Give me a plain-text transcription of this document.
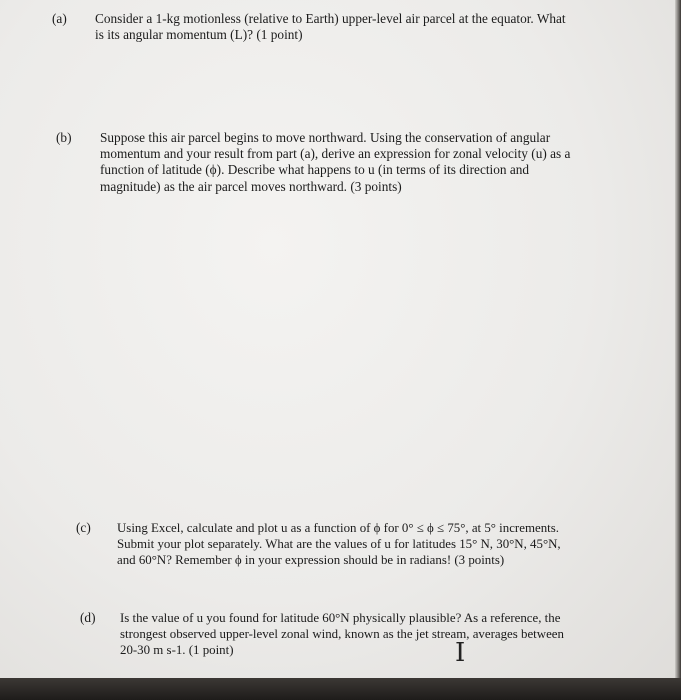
(a) Consider a 1-kg motionless (relative to Earth) upper-level air parcel at the equator. What is its angular momentum (L)? (1 point)
(b) Suppose this air parcel begins to move northward. Using the conservation of angular momentum and your result from part (a), derive an expression for zonal velocity (u) as a function of latitude (ϕ). Describe what happens to u (in terms of its direction and magnitude) as the air parcel moves northward. (3 points)
(c) Using Excel, calculate and plot u as a function of ϕ for 0° ≤ ϕ ≤ 75°, at 5° increments. Submit your plot separately. What are the values of u for latitudes 15° N, 30°N, 45°N, and 60°N? Remember ϕ in your expression should be in radians! (3 points)
(d) Is the value of u you found for latitude 60°N physically plausible? As a reference, the strongest observed upper-level zonal wind, known as the jet stream, averages between 20-30 m s-1. (1 point)	I
